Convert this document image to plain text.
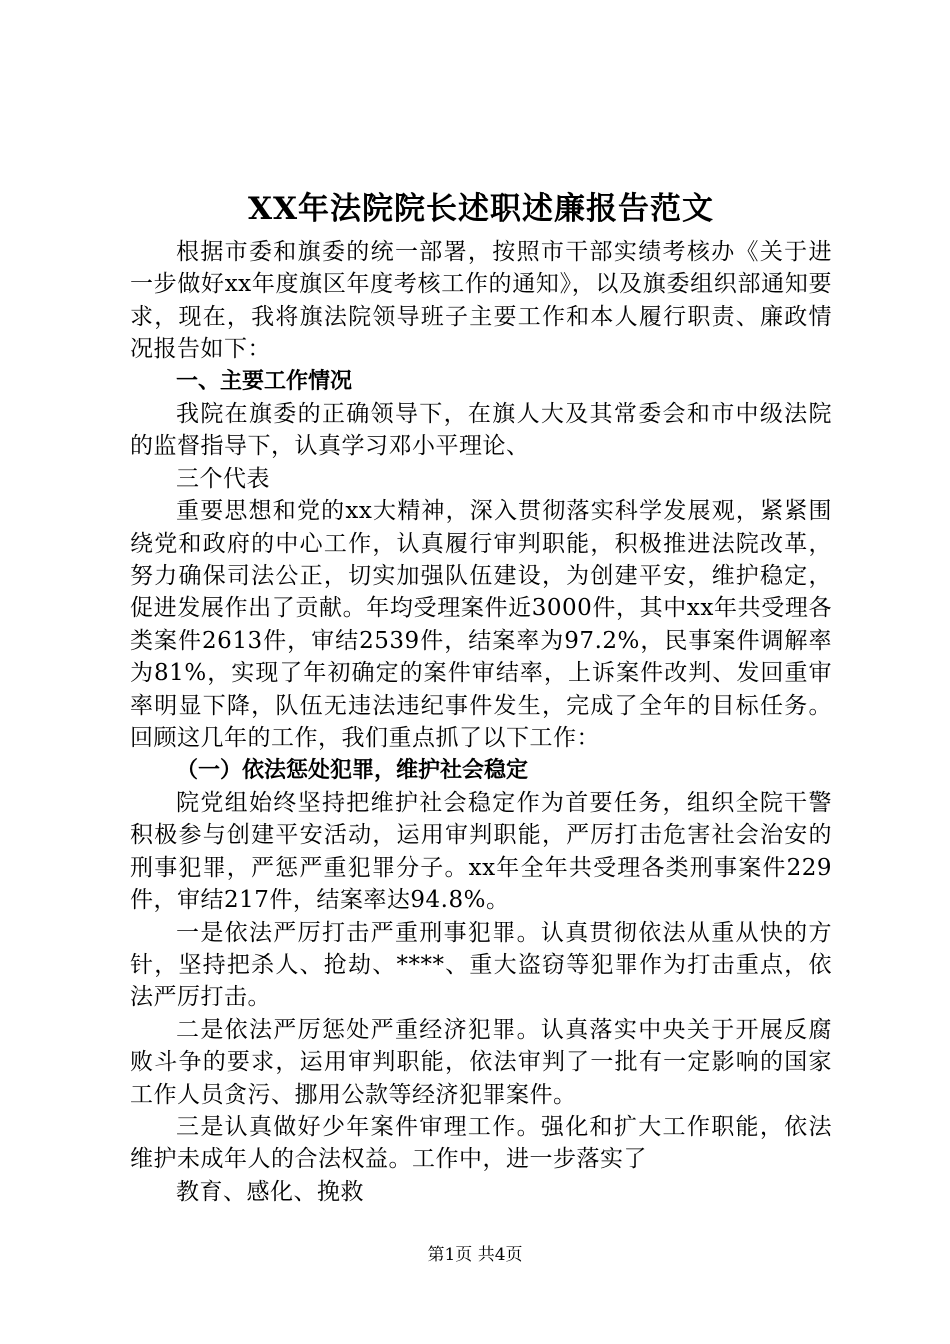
XX年法院院长述职述廉报告范文

根据市委和旗委的统一部署，按照市干部实绩考核办《关于进一步做好xx年度旗区年度考核工作的通知》，以及旗委组织部通知要求，现在，我将旗法院领导班子主要工作和本人履行职责、廉政情况报告如下：

一、主要工作情况

我院在旗委的正确领导下，在旗人大及其常委会和市中级法院的监督指导下，认真学习邓小平理论、

三个代表

重要思想和党的xx大精神，深入贯彻落实科学发展观，紧紧围绕党和政府的中心工作，认真履行审判职能，积极推进法院改革，努力确保司法公正，切实加强队伍建设，为创建平安，维护稳定，促进发展作出了贡献。年均受理案件近3000件，其中xx年共受理各类案件2613件，审结2539件，结案率为97.2%，民事案件调解率为81%，实现了年初确定的案件审结率，上诉案件改判、发回重审率明显下降，队伍无违法违纪事件发生，完成了全年的目标任务。回顾这几年的工作，我们重点抓了以下工作：

（一）依法惩处犯罪，维护社会稳定

院党组始终坚持把维护社会稳定作为首要任务，组织全院干警积极参与创建平安活动，运用审判职能，严厉打击危害社会治安的刑事犯罪，严惩严重犯罪分子。xx年全年共受理各类刑事案件229件，审结217件，结案率达94.8%。

一是依法严厉打击严重刑事犯罪。认真贯彻依法从重从快的方针，坚持把杀人、抢劫、****、重大盗窃等犯罪作为打击重点，依法严厉打击。

二是依法严厉惩处严重经济犯罪。认真落实中央关于开展反腐败斗争的要求，运用审判职能，依法审判了一批有一定影响的国家工作人员贪污、挪用公款等经济犯罪案件。

三是认真做好少年案件审理工作。强化和扩大工作职能，依法维护未成年人的合法权益。工作中，进一步落实了

教育、感化、挽救

第1页 共4页
